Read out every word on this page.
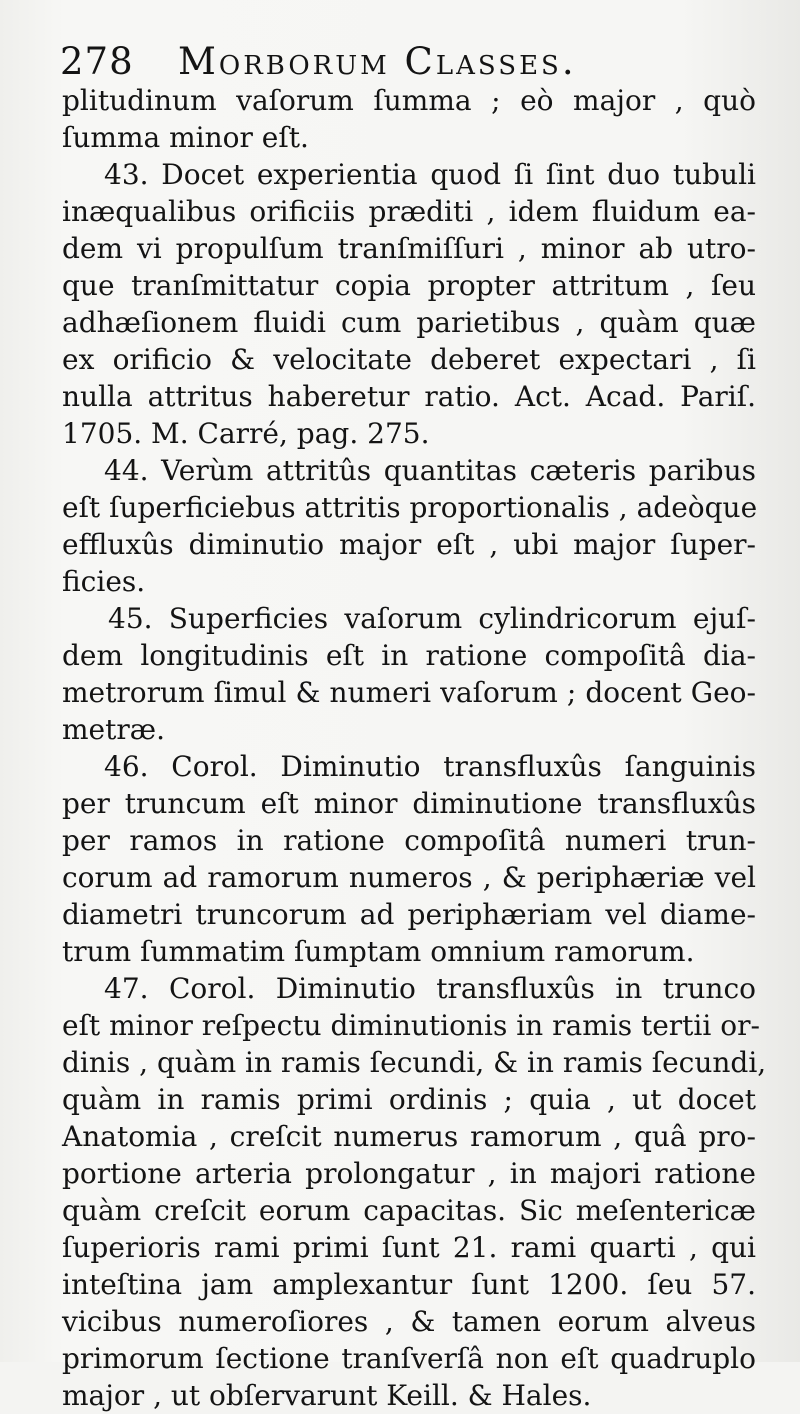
278 Morborum Classes.
plitudinum vaſorum ſumma ; eò major , quò
ſumma minor eſt.
43. Docet experientia quod ſi ſint duo tubuli
inæqualibus orificiis præditi , idem fluidum ea-
dem vi propulſum tranſmiſſuri , minor ab utro-
que tranſmittatur copia propter attritum , ſeu
adhæſionem fluidi cum parietibus , quàm quæ
ex orificio & velocitate deberet expectari , ſi
nulla attritus haberetur ratio. Act. Acad. Pariſ.
1705. M. Carré, pag. 275.
44. Verùm attritûs quantitas cæteris paribus
eſt ſuperficiebus attritis proportionalis , adeòque
effluxûs diminutio major eſt , ubi major ſuper-
ficies.
45. Superficies vaſorum cylindricorum ejuſ-
dem longitudinis eſt in ratione compoſitâ dia-
metrorum ſimul & numeri vaſorum ; docent Geo-
metræ.
46. Corol. Diminutio transfluxûs ſanguinis
per truncum eſt minor diminutione transfluxûs
per ramos in ratione compoſitâ numeri trun-
corum ad ramorum numeros , & periphæriæ vel
diametri truncorum ad periphæriam vel diame-
trum ſummatim ſumptam omnium ramorum.
47. Corol. Diminutio transfluxûs in trunco
eſt minor reſpectu diminutionis in ramis tertii or-
dinis , quàm in ramis ſecundi, & in ramis ſecundi,
quàm in ramis primi ordinis ; quia , ut docet
Anatomia , creſcit numerus ramorum , quâ pro-
portione arteria prolongatur , in majori ratione
quàm creſcit eorum capacitas. Sic meſentericæ
ſuperioris rami primi ſunt 21. rami quarti , qui
inteſtina jam amplexantur ſunt 1200. ſeu 57.
vicibus numeroſiores , & tamen eorum alveus
primorum ſectione tranſverſâ non eſt quadruplo
major , ut obſervarunt Keill. & Hales.
